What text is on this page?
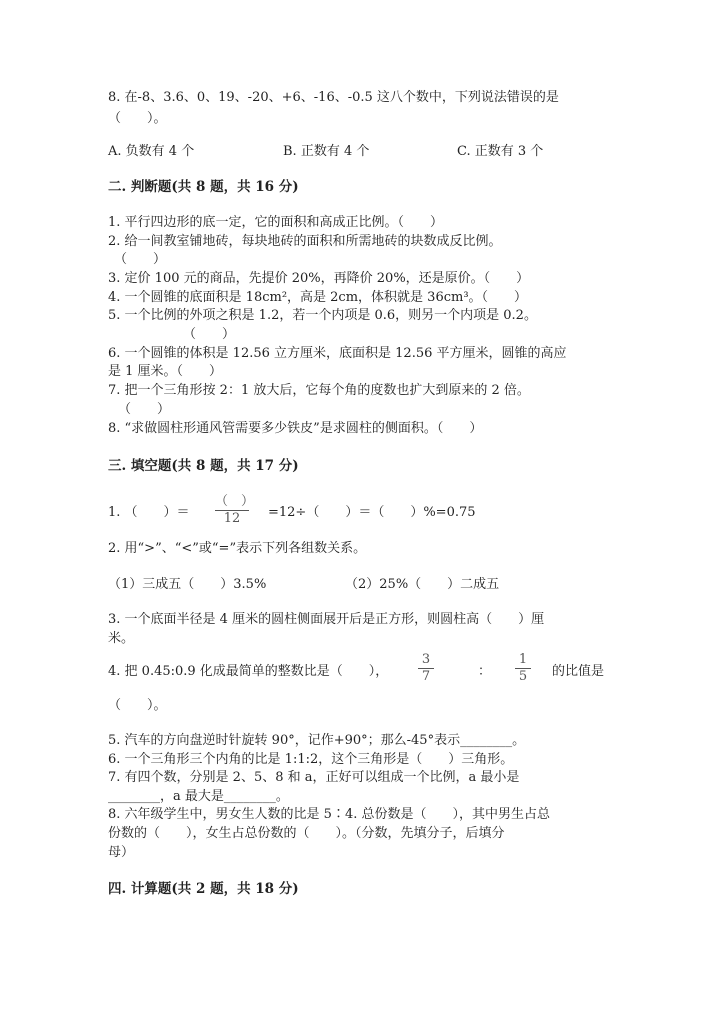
8. 在-8、3.6、0、19、-20、+6、-16、-0.5 这八个数中，下列说法错误的是
（　　）。
A. 负数有 4 个	B. 正数有 4 个	C. 正数有 3 个
二. 判断题(共 8 题，共 16 分)
1. 平行四边形的底一定，它的面积和高成正比例。（　　）
2. 给一间教室铺地砖，每块地砖的面积和所需地砖的块数成反比例。
（　　）
3. 定价 100 元的商品，先提价 20%，再降价 20%，还是原价。（　　）
4. 一个圆锥的底面积是 18cm²，高是 2cm，体积就是 36cm³。（　　）
5. 一个比例的外项之积是 1.2，若一个内项是 0.6，则另一个内项是 0.2。
（　　）
6. 一个圆锥的体积是 12.56 立方厘米，底面积是 12.56 平方厘米，圆锥的高应
是 1 厘米。（　　）
7. 把一个三角形按 2：1 放大后，它每个角的度数也扩大到原来的 2 倍。
（　　）
8. “求做圆柱形通风管需要多少铁皮”是求圆柱的侧面积。（　　）
三. 填空题(共 8 题，共 17 分)
1. （　　）＝
（　）
12	=12÷（　　）＝（　　）%=0.75
2. 用“>”、“<”或“=”表示下列各组数关系。
（1）三成五（　　）3.5%	（2）25%（　　）二成五
3. 一个底面半径是 4 厘米的圆柱侧面展开后是正方形，则圆柱高（　　）厘
米。
4. 把 0.45:0.9 化成最简单的整数比是（　　），
3
7	：
1
5 的比值是
（　　）。
5. 汽车的方向盘逆时针旋转 90°，记作+90°；那么-45°表示________。
6. 一个三角形三个内角的比是 1:1:2，这个三角形是（　　）三角形。
7. 有四个数，分别是 2、5、8 和 a，正好可以组成一个比例，a 最小是
________，a 最大是________。
8. 六年级学生中，男女生人数的比是 5∶4. 总份数是（　　），其中男生占总
份数的（　　），女生占总份数的（　　）。（分数，先填分子，后填分
母）
四. 计算题(共 2 题，共 18 分)
